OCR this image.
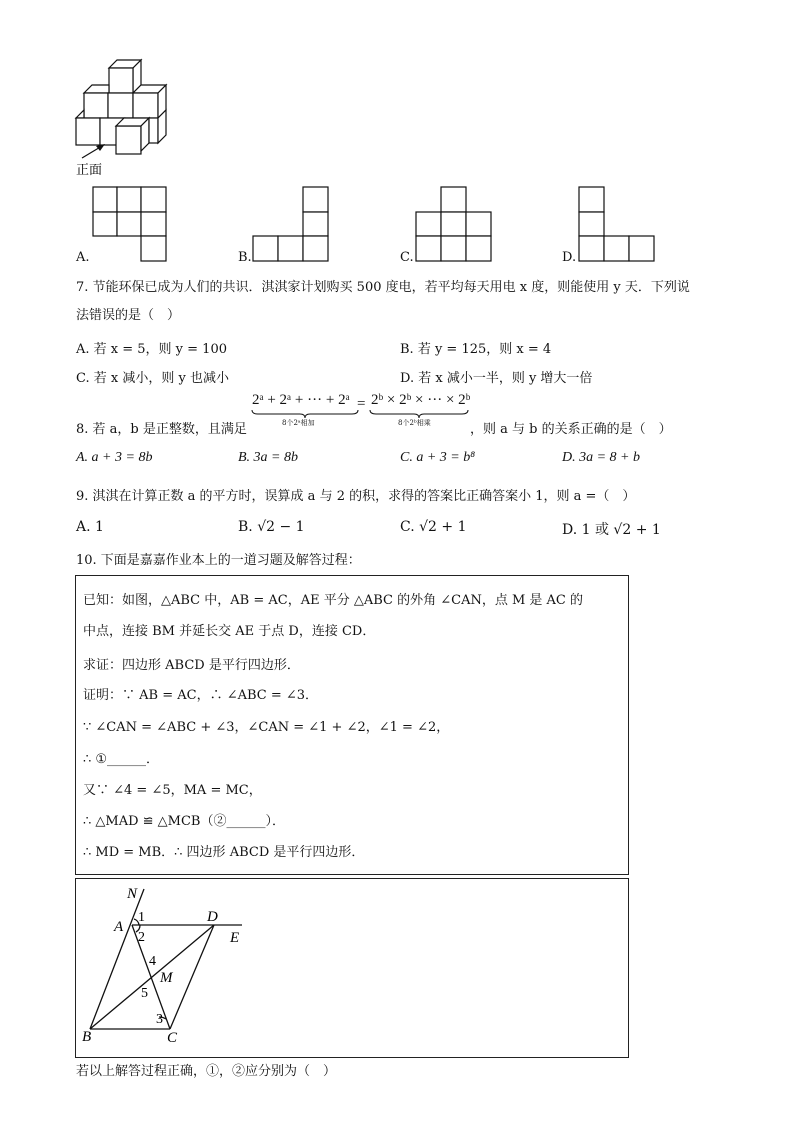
正面
A.	B.	C.	D.
7. 节能环保已成为人们的共识．淇淇家计划购买 500 度电，若平均每天用电 x 度，则能使用 y 天．下列说
法错误的是（　）
A. 若 x = 5，则 y = 100	B. 若 y = 125，则 x = 4
C. 若 x 减小，则 y 也减小	D. 若 x 减小一半，则 y 增大一倍
8. 若 a，b 是正整数，且满足
2ᵃ + 2ᵃ + ··· + 2ᵃ
8个2ᵃ相加
= 2ᵇ × 2ᵇ × ··· × 2ᵇ
8个2ᵇ相乘	，则 a 与 b 的关系正确的是（　）
A. a + 3 = 8b	B. 3a = 8b	C. a + 3 = b⁸	D. 3a = 8 + b
9. 淇淇在计算正数 a 的平方时，误算成 a 与 2 的积，求得的答案比正确答案小 1，则 a =（　）
A. 1	B. √2 − 1	C. √2 + 1	D. 1 或 √2 + 1
10. 下面是嘉嘉作业本上的一道习题及解答过程：
已知：如图，△ABC 中，AB = AC，AE 平分 △ABC 的外角 ∠CAN，点 M 是 AC 的
中点，连接 BM 并延长交 AE 于点 D，连接 CD．
求证：四边形 ABCD 是平行四边形．
证明：∵ AB = AC，∴ ∠ABC = ∠3．
∵ ∠CAN = ∠ABC + ∠3，∠CAN = ∠1 + ∠2，∠1 = ∠2，
∴ ①______．
又∵ ∠4 = ∠5，MA = MC，
∴ △MAD ≌ △MCB（②______）．
∴ MD = MB．∴ 四边形 ABCD 是平行四边形．
N
A
D
E
M
B	C
1
2
3
4
5
若以上解答过程正确，①，②应分别为（　）
